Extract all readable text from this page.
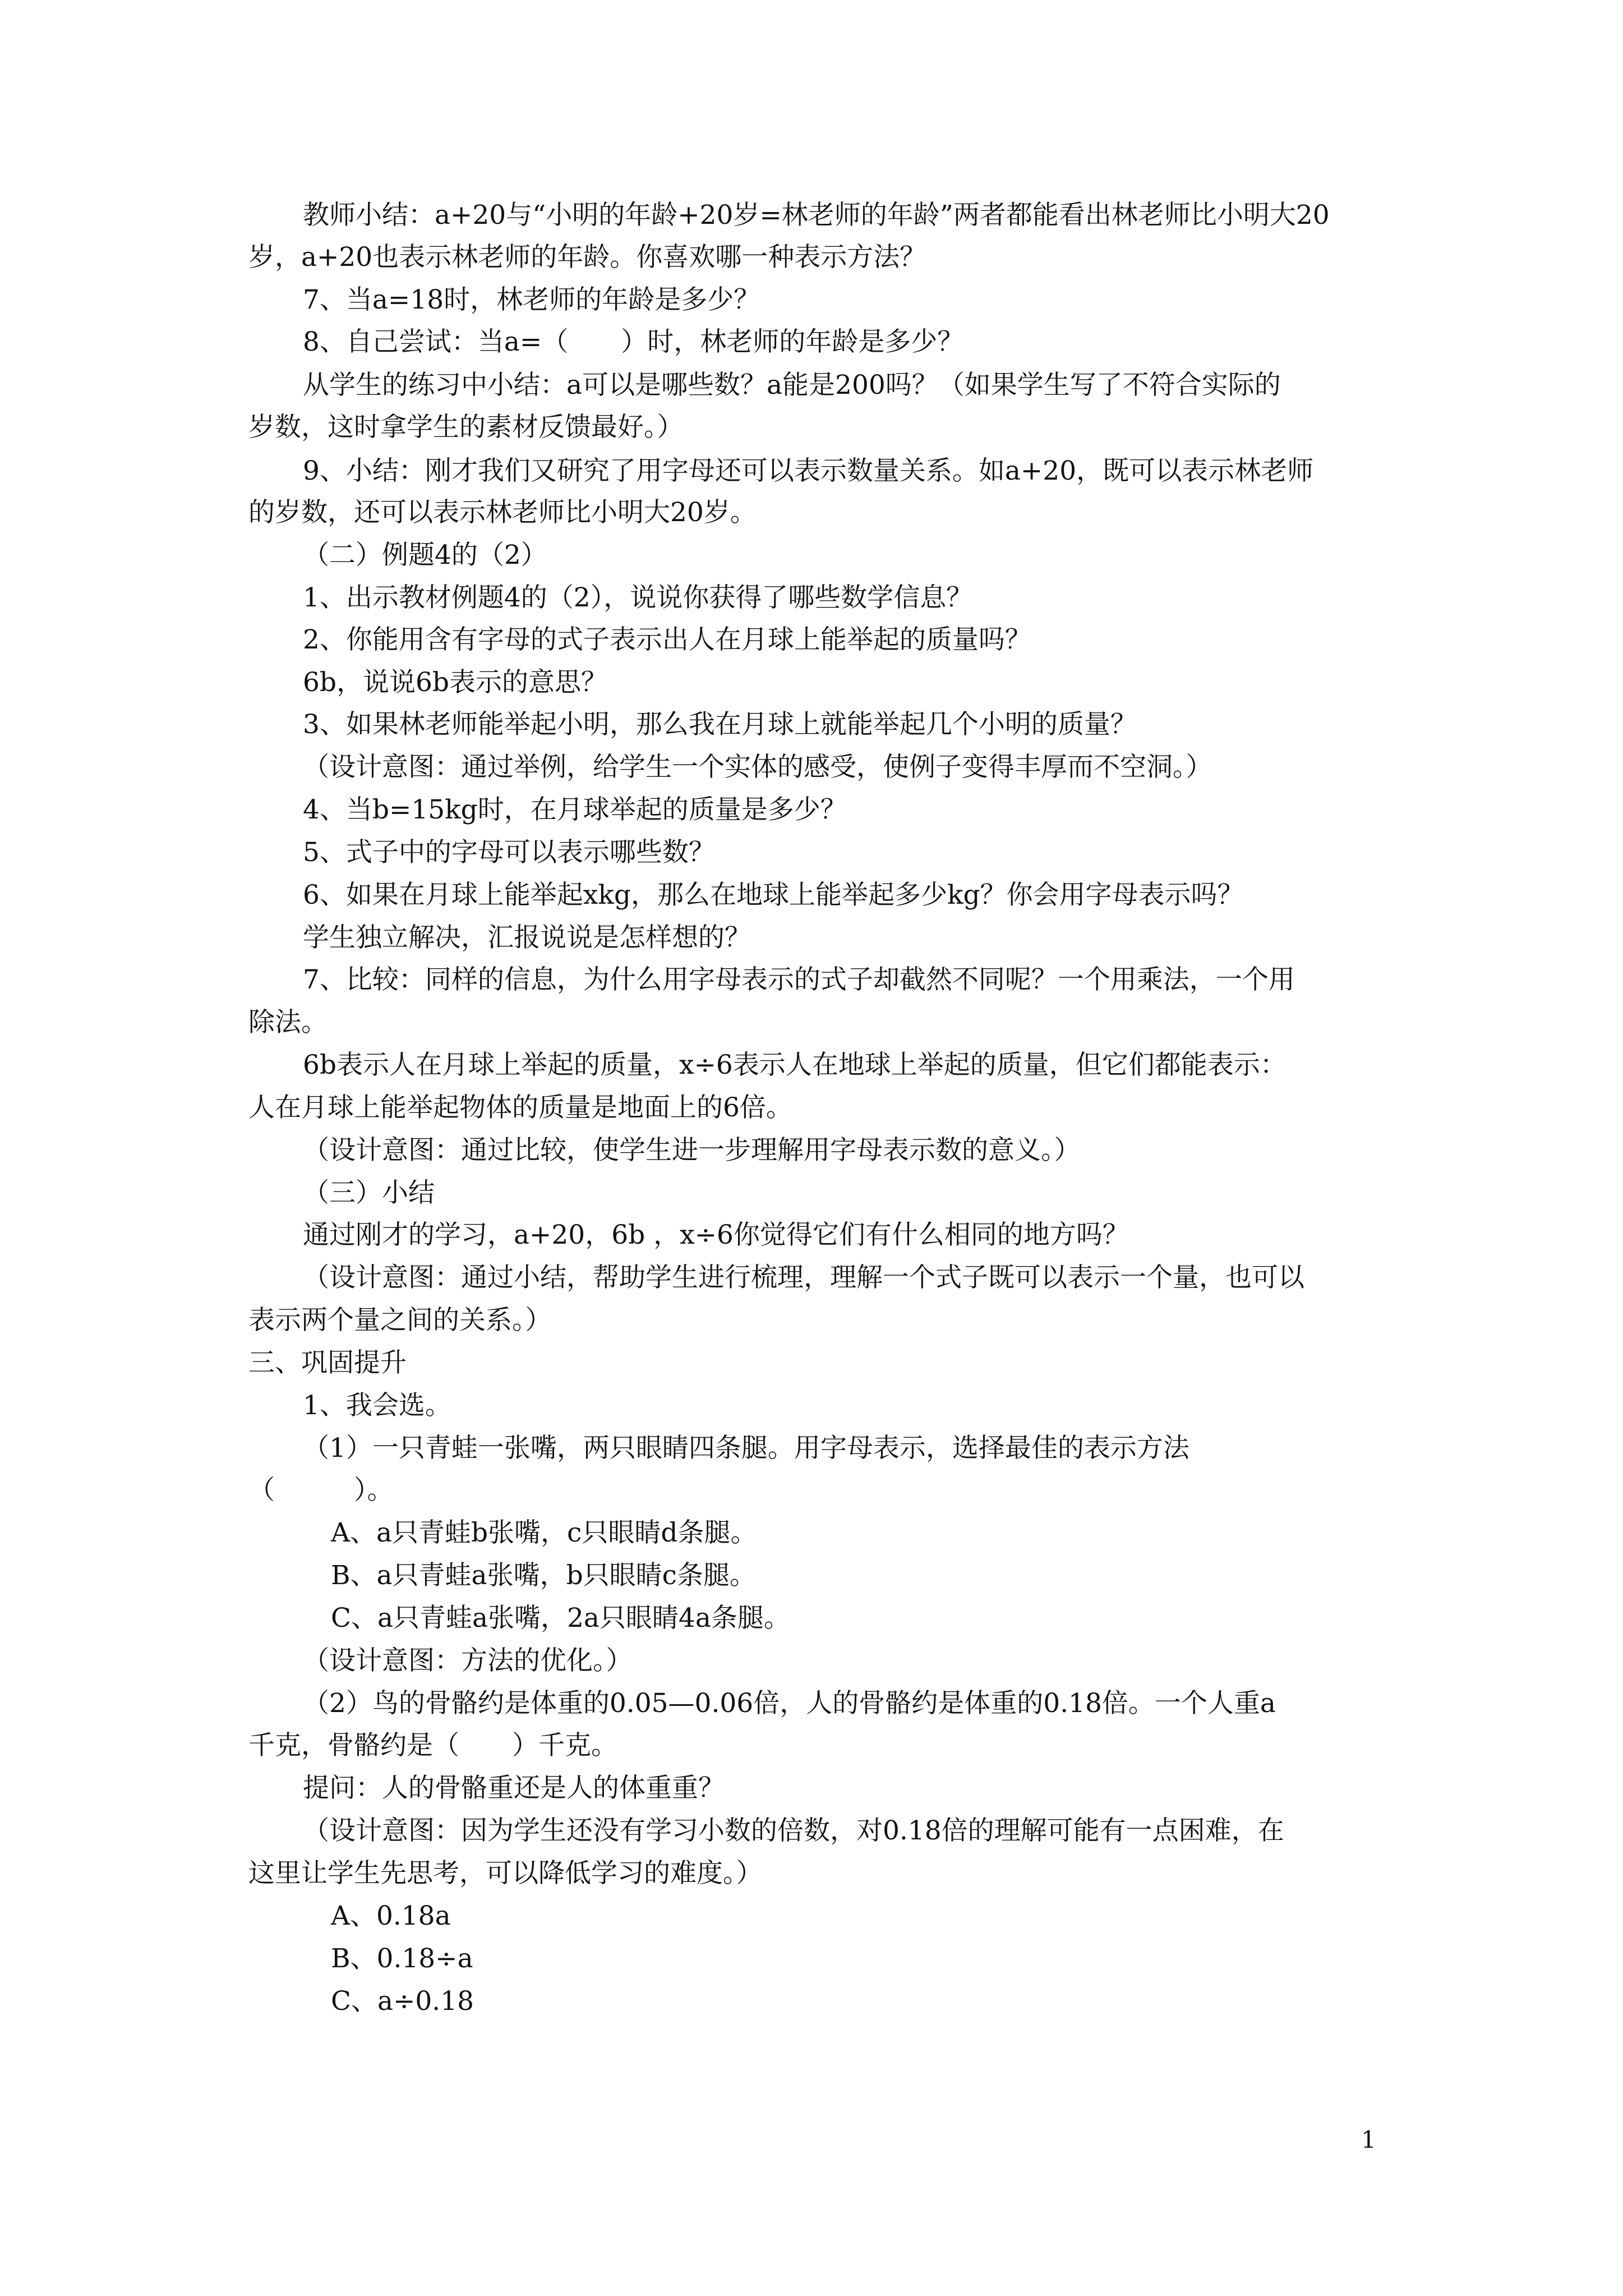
教师小结：a+20与“小明的年龄+20岁=林老师的年龄”两者都能看出林老师比小明大20
岁，a+20也表示林老师的年龄。你喜欢哪一种表示方法？
7、当a=18时，林老师的年龄是多少？
8、自己尝试：当a=（　　）时，林老师的年龄是多少？
从学生的练习中小结：a可以是哪些数？a能是200吗？（如果学生写了不符合实际的
岁数，这时拿学生的素材反馈最好。）
9、小结：刚才我们又研究了用字母还可以表示数量关系。如a+20，既可以表示林老师
的岁数，还可以表示林老师比小明大20岁。
（二）例题4的（2）
1、出示教材例题4的（2），说说你获得了哪些数学信息？
2、你能用含有字母的式子表示出人在月球上能举起的质量吗？
6b，说说6b表示的意思？
3、如果林老师能举起小明，那么我在月球上就能举起几个小明的质量？
（设计意图：通过举例，给学生一个实体的感受，使例子变得丰厚而不空洞。）
4、当b=15kg时，在月球举起的质量是多少？
5、式子中的字母可以表示哪些数？
6、如果在月球上能举起xkg，那么在地球上能举起多少kg？你会用字母表示吗？
学生独立解决，汇报说说是怎样想的？
7、比较：同样的信息，为什么用字母表示的式子却截然不同呢？一个用乘法，一个用
除法。
6b表示人在月球上举起的质量，x÷6表示人在地球上举起的质量，但它们都能表示：
人在月球上能举起物体的质量是地面上的6倍。
（设计意图：通过比较，使学生进一步理解用字母表示数的意义。）
（三）小结
通过刚才的学习，a+20，6b ，x÷6你觉得它们有什么相同的地方吗？
（设计意图：通过小结，帮助学生进行梳理，理解一个式子既可以表示一个量，也可以
表示两个量之间的关系。）
三、巩固提升
1、我会选。
（1）一只青蛙一张嘴，两只眼睛四条腿。用字母表示，选择最佳的表示方法
（　　　）。
A、a只青蛙b张嘴，c只眼睛d条腿。
B、a只青蛙a张嘴，b只眼睛c条腿。
C、a只青蛙a张嘴，2a只眼睛4a条腿。
（设计意图：方法的优化。）
（2）鸟的骨骼约是体重的0.05—0.06倍，人的骨骼约是体重的0.18倍。一个人重a
千克，骨骼约是（　　）千克。
提问：人的骨骼重还是人的体重重？
（设计意图：因为学生还没有学习小数的倍数，对0.18倍的理解可能有一点困难，在
这里让学生先思考，可以降低学习的难度。）
A、0.18a
B、0.18÷a
C、a÷0.18
1
